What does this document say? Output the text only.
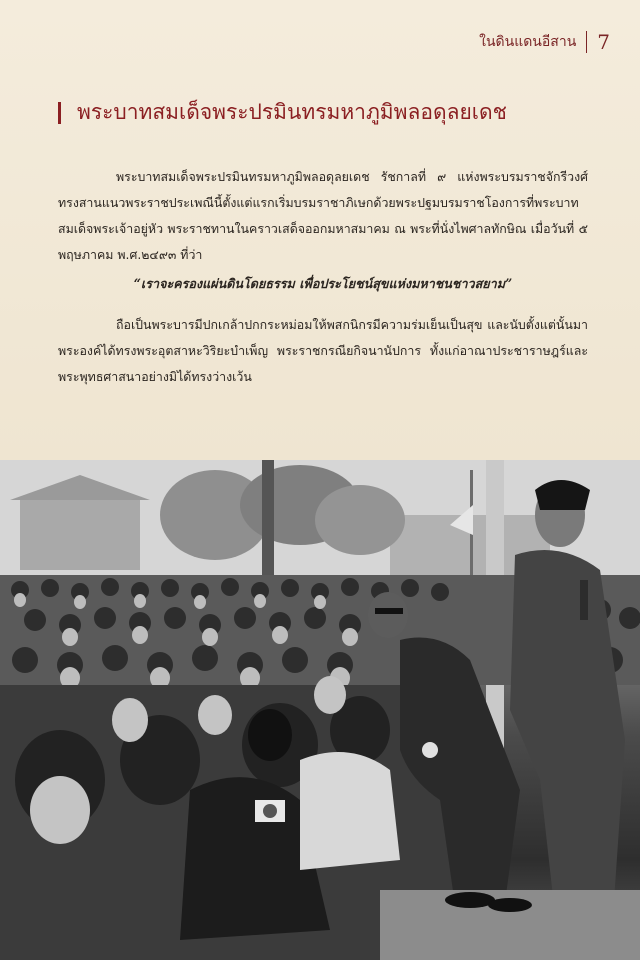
ในดินแดนอีสาน 7
พระบาทสมเด็จพระปรมินทรมหาภูมิพลอดุลยเดช

พระบาทสมเด็จพระปรมินทรมหาภูมิพลอดุลยเดช รัชกาลที่ ๙ แห่งพระบรมราชจักรีวงศ์ ทรงสานแนวพระราชประเพณีนี้ตั้งแต่แรกเริ่มบรมราชาภิเษกด้วยพระปฐมบรมราชโองการที่พระบาทสมเด็จพระเจ้าอยู่หัว พระราชทานในคราวเสด็จออกมหาสมาคม ณ พระที่นั่งไพศาลทักษิณ เมื่อวันที่ ๕ พฤษภาคม พ.ศ.๒๔๙๓ ที่ว่า

“เราจะครองแผ่นดินโดยธรรม เพื่อประโยชน์สุขแห่งมหาชนชาวสยาม”

ถือเป็นพระบารมีปกเกล้าปกกระหม่อมให้พสกนิกรมีความร่มเย็นเป็นสุข และนับตั้งแต่นั้นมาพระองค์ได้ทรงพระอุตสาหะวิริยะบำเพ็ญ พระราชกรณียกิจนานัปการ ทั้งแก่อาณาประชาราษฎร์และพระพุทธศาสนาอย่างมิได้ทรงว่างเว้น
